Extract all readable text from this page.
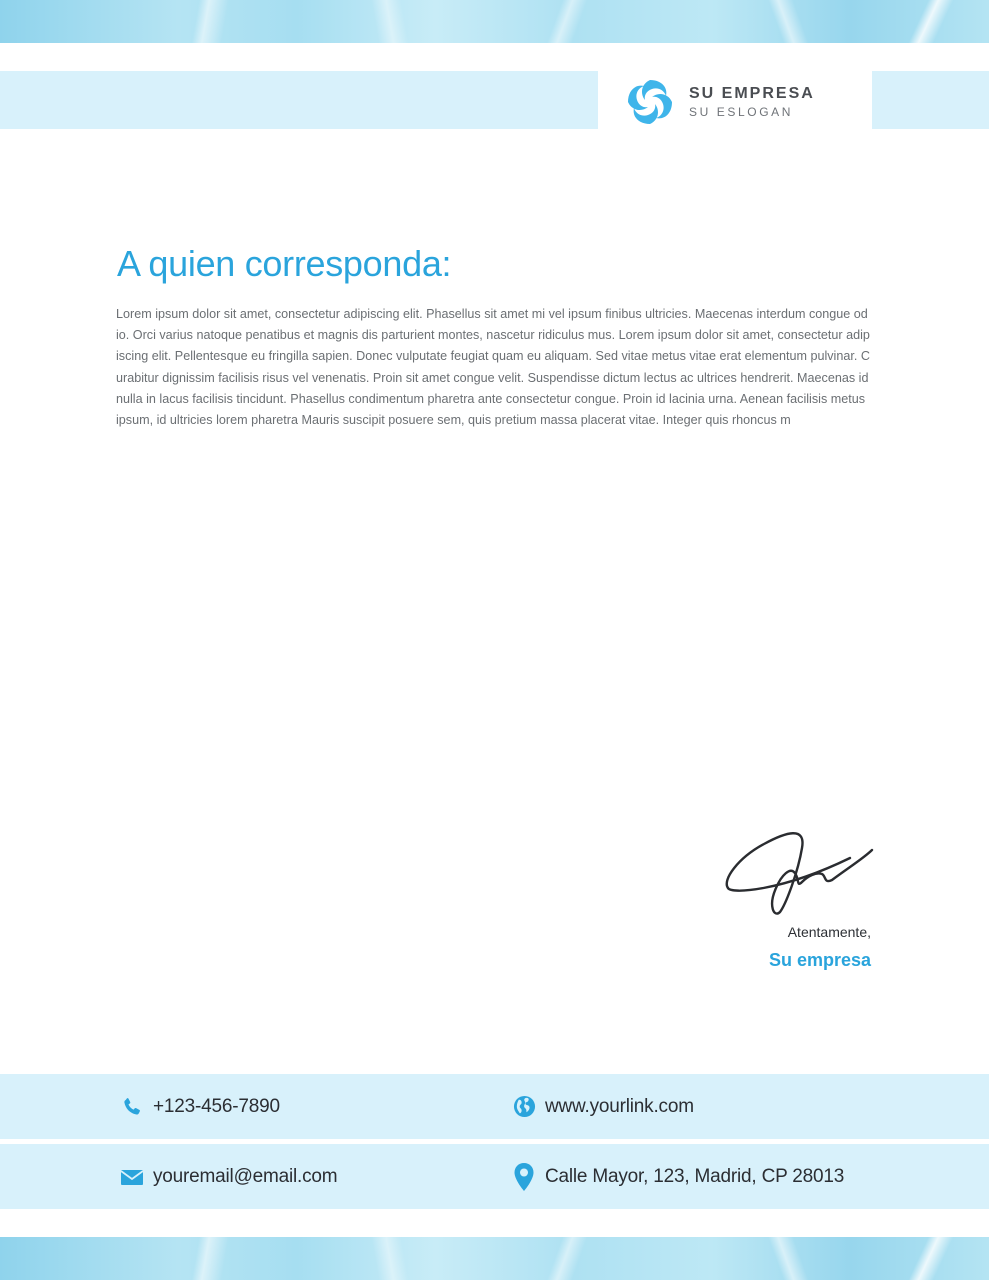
SU EMPRESA
SU ESLOGAN
A quien corresponda:
Lorem ipsum dolor sit amet, consectetur adipiscing elit. Phasellus sit amet mi vel ipsum finibus ultricies. Maecenas interdum congue odio. Orci varius natoque penatibus et magnis dis parturient montes, nascetur ridiculus mus. Lorem ipsum dolor sit amet, consectetur adipiscing elit. Pellentesque eu fringilla sapien. Donec vulputate feugiat quam eu aliquam. Sed vitae metus vitae erat elementum pulvinar. Curabitur dignissim facilisis risus vel venenatis. Proin sit amet congue velit. Suspendisse dictum lectus ac ultrices hendrerit. Maecenas id nulla in lacus facilisis tincidunt. Phasellus condimentum pharetra ante consectetur congue. Proin id lacinia urna. Aenean facilisis metus ipsum, id ultricies lorem pharetra Mauris suscipit posuere sem, quis pretium massa placerat vitae. Integer quis rhoncus m
Atentamente,
Su empresa
+123-456-7890	www.yourlink.com
youremail@email.com	Calle Mayor, 123, Madrid, CP 28013
